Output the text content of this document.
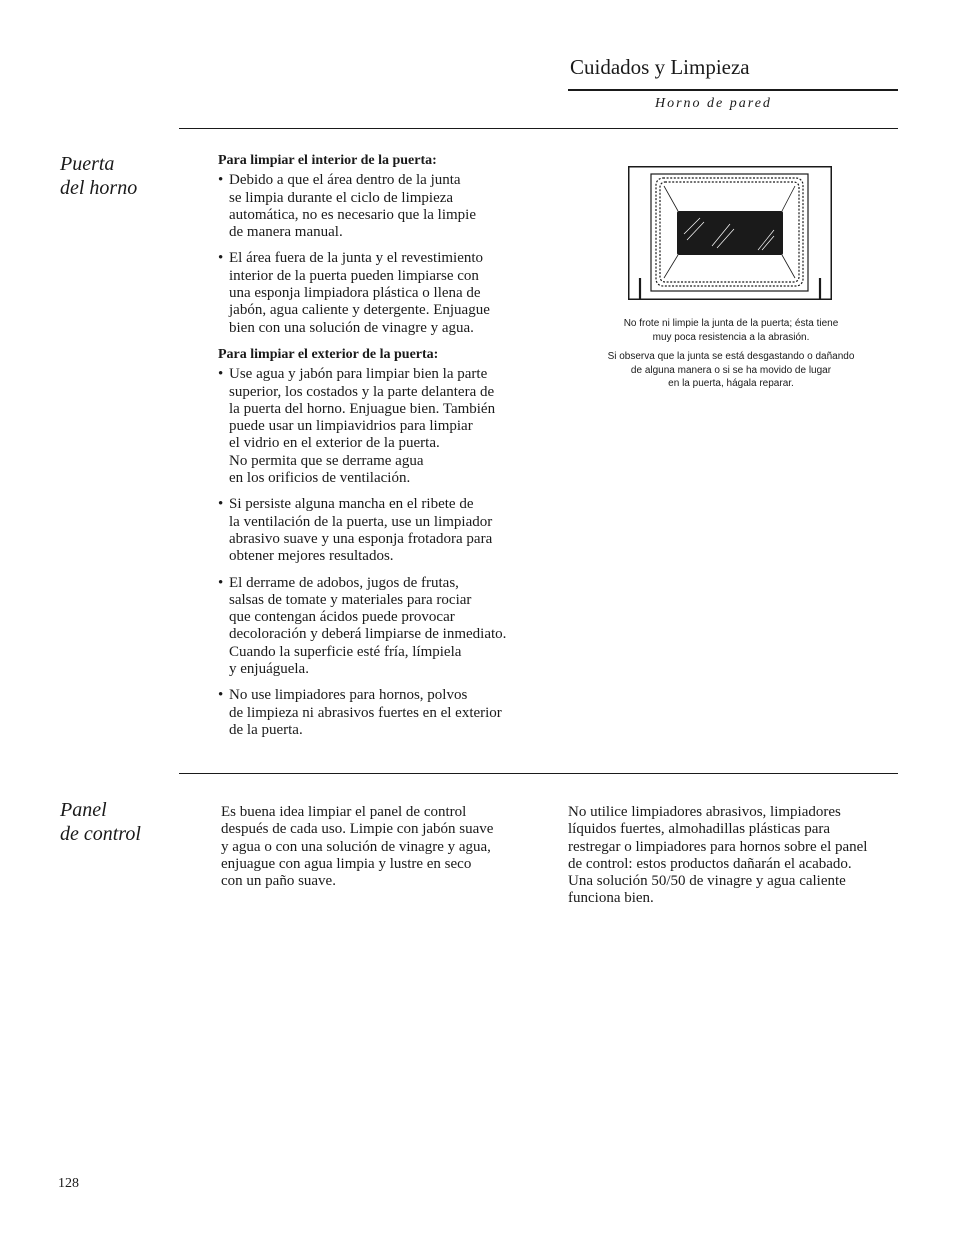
Cuidados y Limpieza
Horno de pared
Puerta
del horno
Para limpiar el interior de la puerta:
• Debido a que el área dentro de la junta
se limpia durante el ciclo de limpieza
automática, no es necesario que la limpie
de manera manual.
• El área fuera de la junta y el revestimiento
interior de la puerta pueden limpiarse con
una esponja limpiadora plástica o llena de
jabón, agua caliente y detergente. Enjuague
bien con una solución de vinagre y agua.
Para limpiar el exterior de la puerta:
• Use agua y jabón para limpiar bien la parte
superior, los costados y la parte delantera de
la puerta del horno. Enjuague bien. También
puede usar un limpiavidrios para limpiar
el vidrio en el exterior de la puerta.
No permita que se derrame agua
en los orificios de ventilación.
• Si persiste alguna mancha en el ribete de
la ventilación de la puerta, use un limpiador
abrasivo suave y una esponja frotadora para
obtener mejores resultados.
• El derrame de adobos, jugos de frutas,
salsas de tomate y materiales para rociar
que contengan ácidos puede provocar
decoloración y deberá limpiarse de inmediato.
Cuando la superficie esté fría, límpiela
y enjuáguela.
• No use limpiadores para hornos, polvos
de limpieza ni abrasivos fuertes en el exterior
de la puerta.
No frote ni limpie la junta de la puerta; ésta tiene
muy poca resistencia a la abrasión.
Si observa que la junta se está desgastando o dañando
de alguna manera o si se ha movido de lugar
en la puerta, hágala reparar.
Panel
de control

Es buena idea limpiar el panel de control
después de cada uso. Limpie con jabón suave
y agua o con una solución de vinagre y agua,
enjuague con agua limpia y lustre en seco
con un paño suave.

No utilice limpiadores abrasivos, limpiadores
líquidos fuertes, almohadillas plásticas para
restregar o limpiadores para hornos sobre el panel
de control: estos productos dañarán el acabado.
Una solución 50/50 de vinagre y agua caliente
funciona bien.

128
